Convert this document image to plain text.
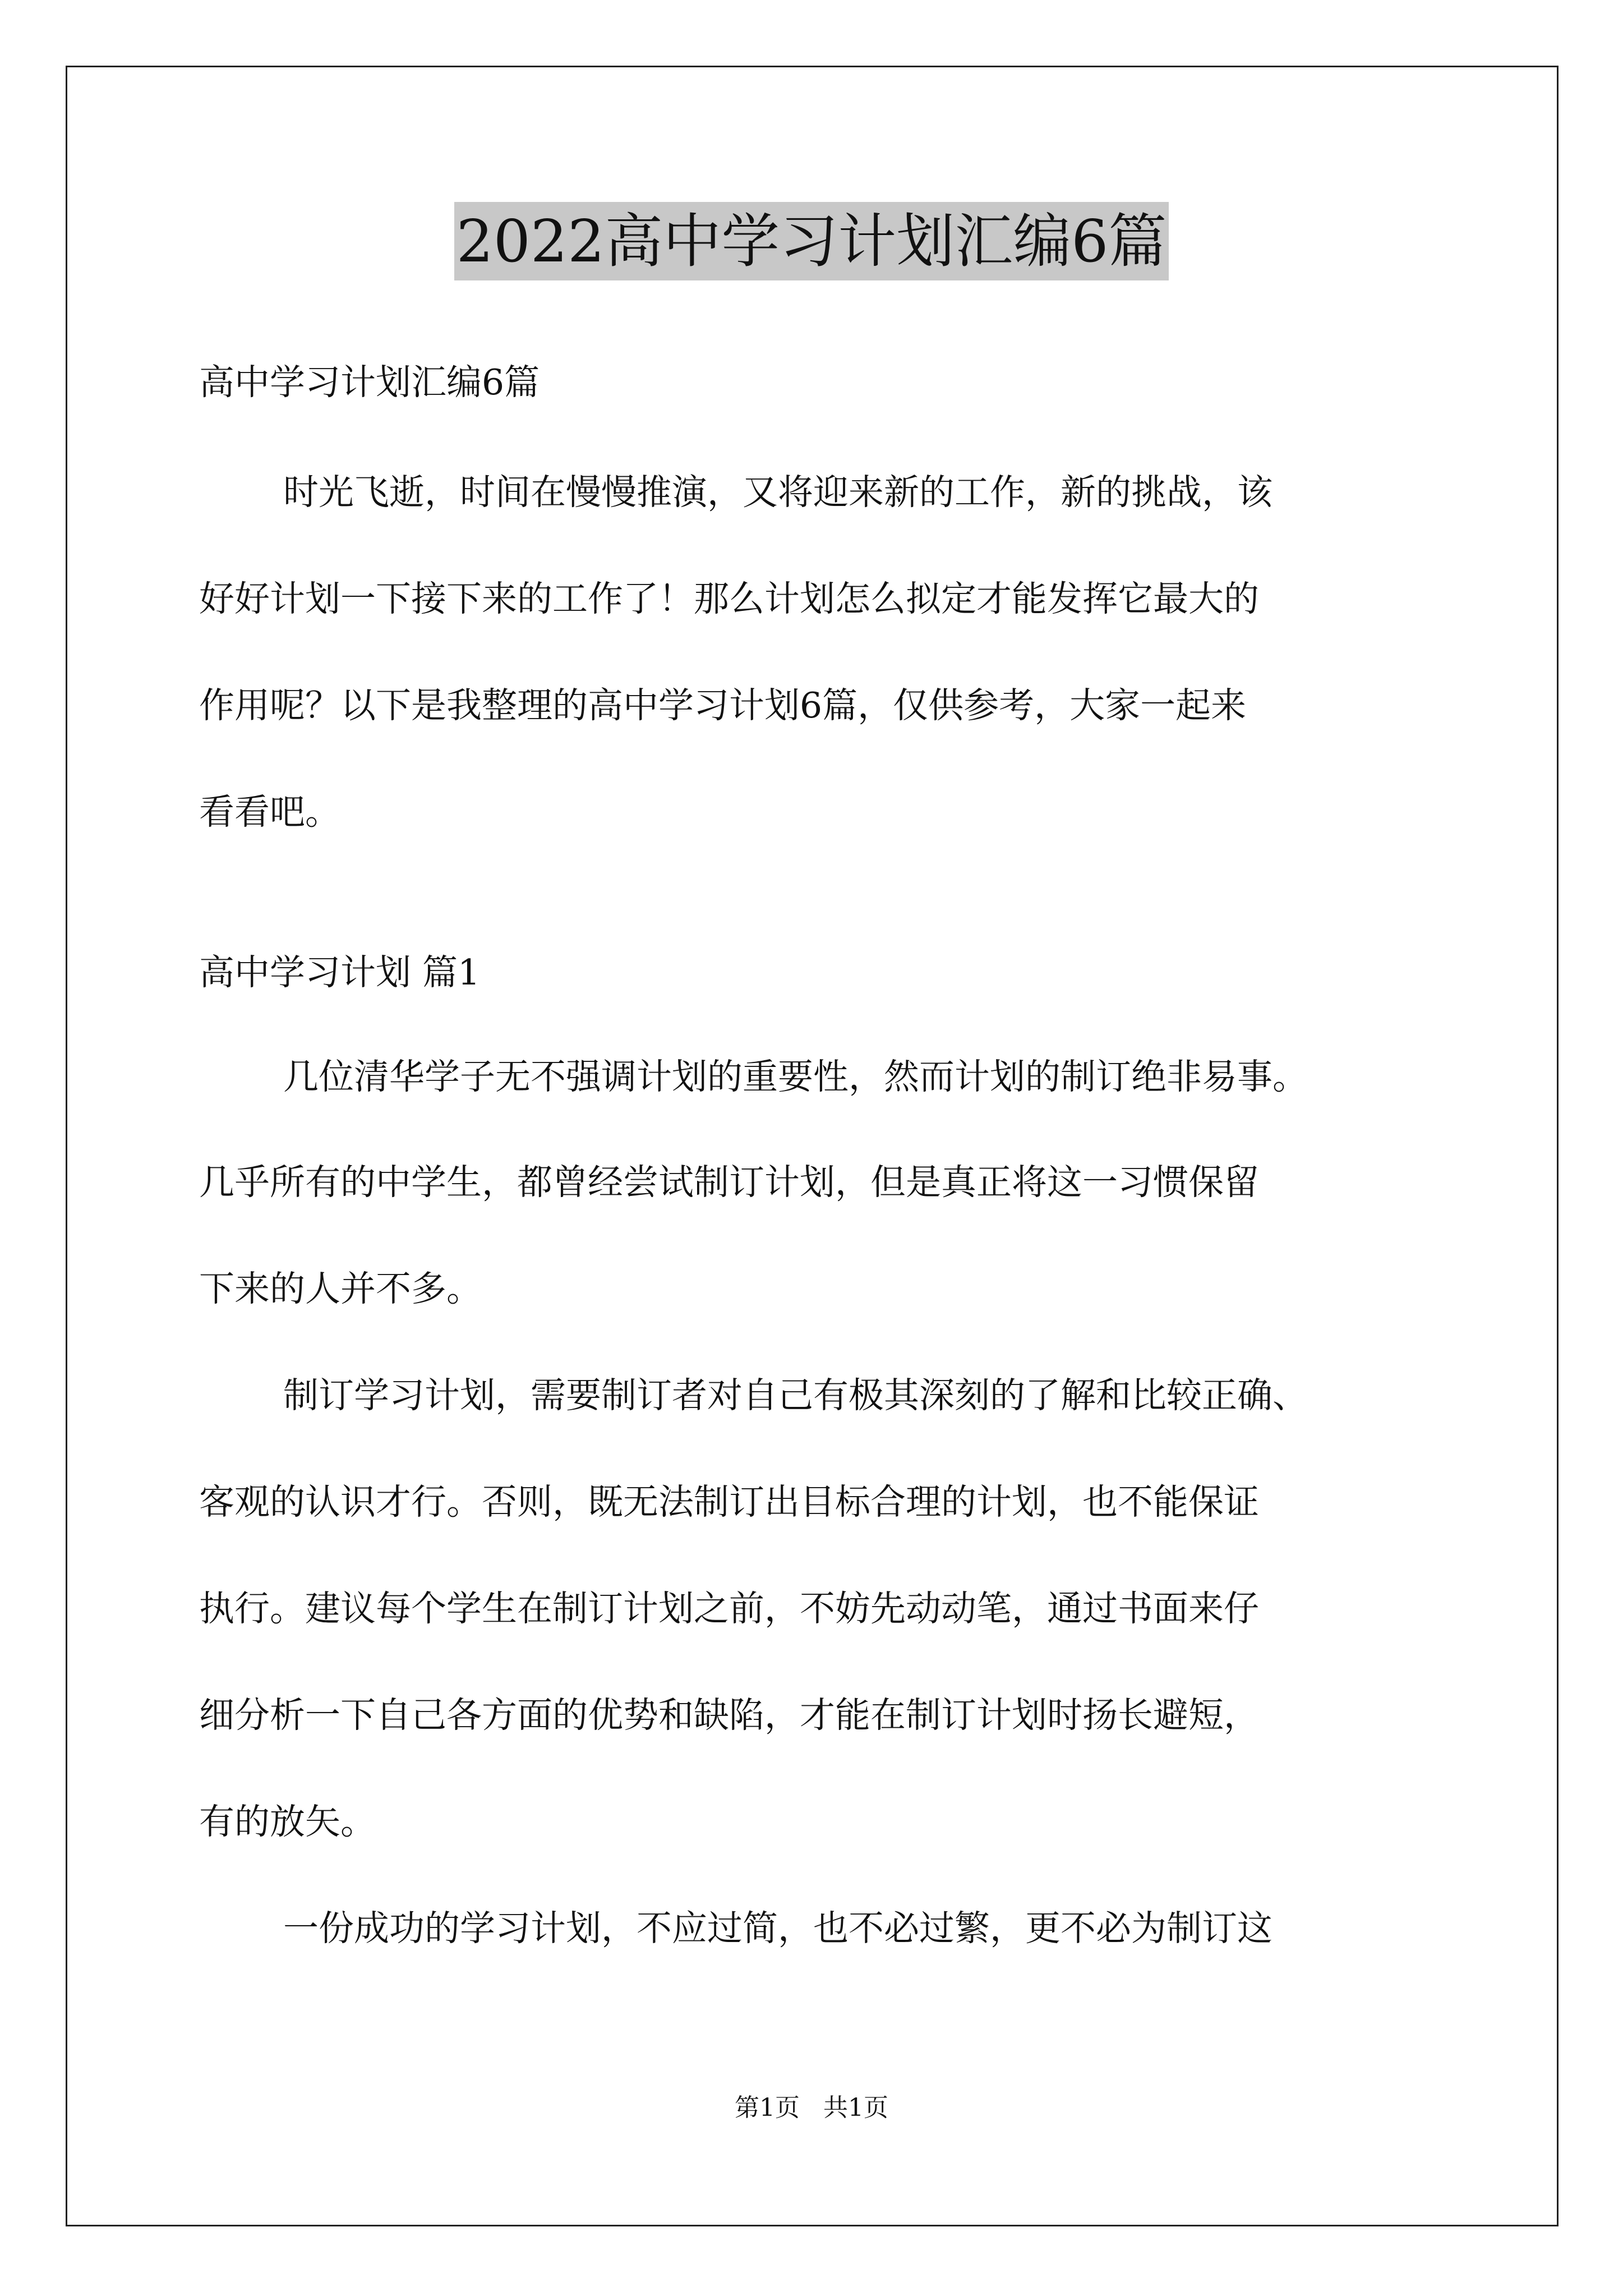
2022高中学习计划汇编6篇
高中学习计划汇编6篇
时光飞逝，时间在慢慢推演，又将迎来新的工作，新的挑战，该
好好计划一下接下来的工作了！那么计划怎么拟定才能发挥它最大的
作用呢？以下是我整理的高中学习计划6篇，仅供参考，大家一起来
看看吧。
高中学习计划 篇1
几位清华学子无不强调计划的重要性，然而计划的制订绝非易事。
几乎所有的中学生，都曾经尝试制订计划，但是真正将这一习惯保留
下来的人并不多。
制订学习计划，需要制订者对自己有极其深刻的了解和比较正确、
客观的认识才行。否则，既无法制订出目标合理的计划，也不能保证
执行。建议每个学生在制订计划之前，不妨先动动笔，通过书面来仔
细分析一下自己各方面的优势和缺陷，才能在制订计划时扬长避短，
有的放矢。
一份成功的学习计划，不应过简，也不必过繁，更不必为制订这
第1页   共1页
